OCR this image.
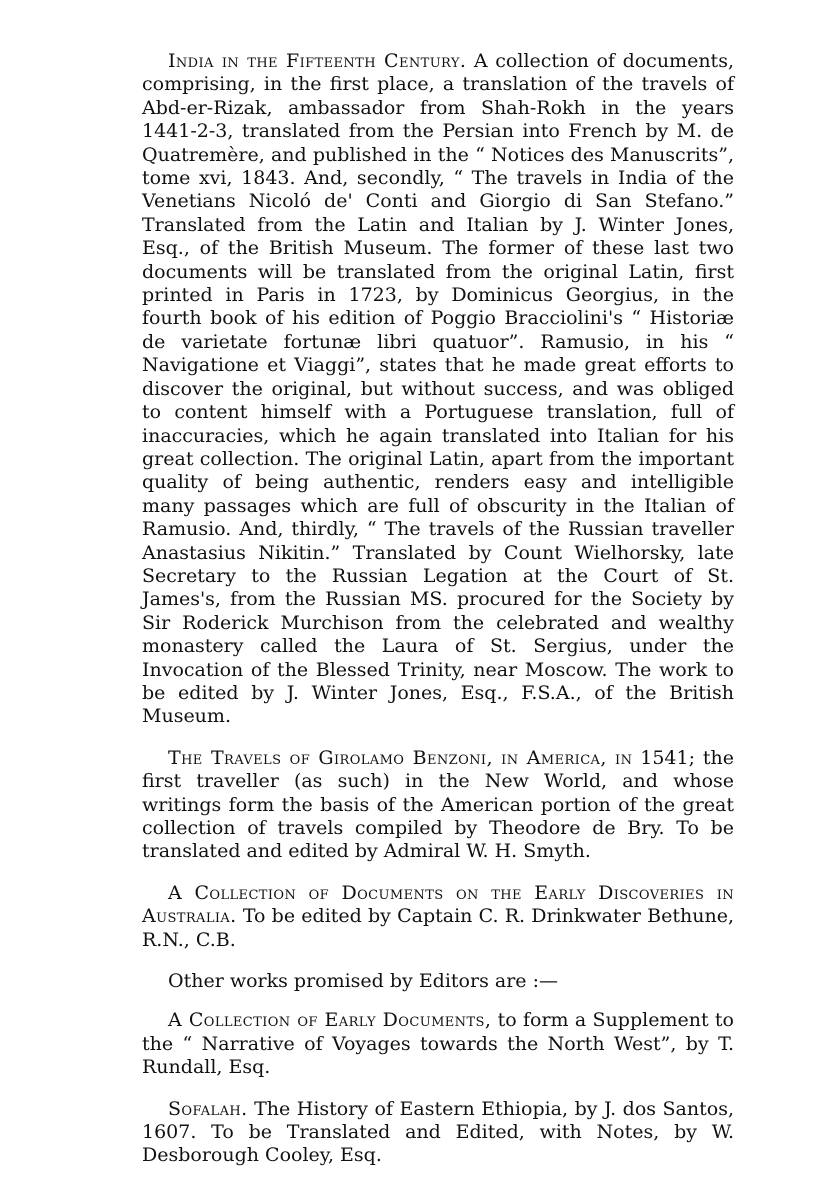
India in the Fifteenth Century. A collection of documents, comprising, in the first place, a translation of the travels of Abd-er-Rizak, ambassador from Shah-Rokh in the years 1441-2-3, translated from the Persian into French by M. de Quatremère, and published in the “ Notices des Manuscrits”, tome xvi, 1843. And, secondly, “ The travels in India of the Venetians Nicoló de' Conti and Giorgio di San Stefano.” Translated from the Latin and Italian by J. Winter Jones, Esq., of the British Museum. The former of these last two documents will be translated from the original Latin, first printed in Paris in 1723, by Dominicus Georgius, in the fourth book of his edition of Poggio Bracciolini's “ Historiæ de varietate fortunæ libri quatuor”. Ramusio, in his “ Navigatione et Viaggi”, states that he made great efforts to discover the original, but without success, and was obliged to content himself with a Portuguese translation, full of inaccuracies, which he again translated into Italian for his great collection. The original Latin, apart from the important quality of being authentic, renders easy and intelligible many passages which are full of obscurity in the Italian of Ramusio. And, thirdly, “ The travels of the Russian traveller Anastasius Nikitin.” Translated by Count Wielhorsky, late Secretary to the Russian Legation at the Court of St. James's, from the Russian MS. procured for the Society by Sir Roderick Murchison from the celebrated and wealthy monastery called the Laura of St. Sergius, under the Invocation of the Blessed Trinity, near Moscow. The work to be edited by J. Winter Jones, Esq., F.S.A., of the British Museum.

The Travels of Girolamo Benzoni, in America, in 1541; the first traveller (as such) in the New World, and whose writings form the basis of the American portion of the great collection of travels compiled by Theodore de Bry. To be translated and edited by Admiral W. H. Smyth.

A Collection of Documents on the Early Discoveries in Australia. To be edited by Captain C. R. Drinkwater Bethune, R.N., C.B.

Other works promised by Editors are :—

A Collection of Early Documents, to form a Supplement to the “ Narrative of Voyages towards the North West”, by T. Rundall, Esq.

Sofalah. The History of Eastern Ethiopia, by J. dos Santos, 1607. To be Translated and Edited, with Notes, by W. Desborough Cooley, Esq.
